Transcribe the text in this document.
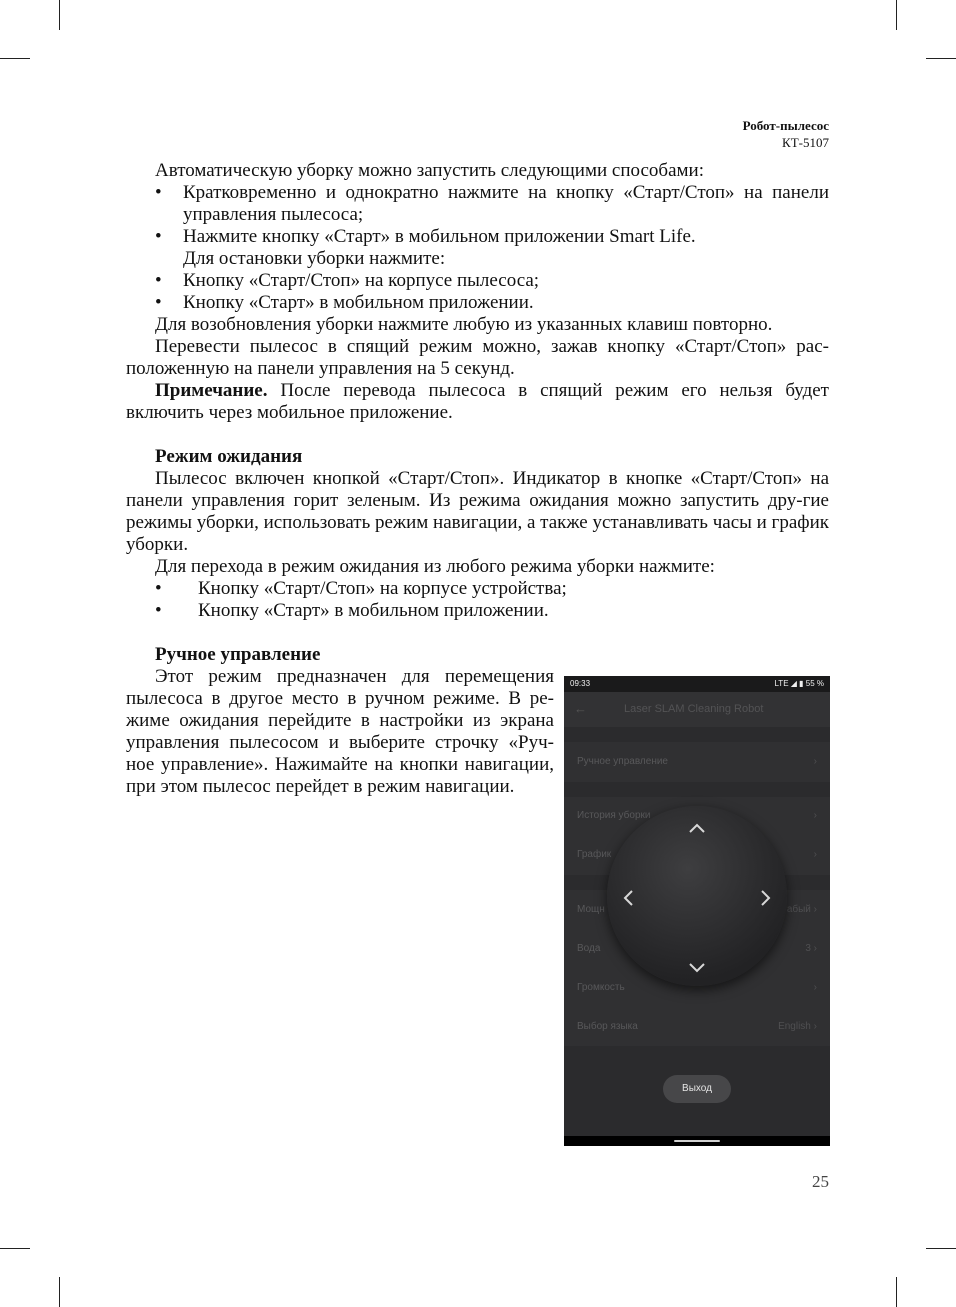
Робот-пылесос
КТ-5107

Автоматическую уборку можно запустить следующими способами:

• Кратковременно и однократно нажмите на кнопку «Старт/Стоп» на панели управления пылесоса;

• Нажмите кнопку «Старт» в мобильном приложении Smart Life.

Для остановки уборки нажмите:

• Кнопку «Старт/Стоп» на корпусе пылесоса;

• Кнопку «Старт» в мобильном приложении.

Для возобновления уборки нажмите любую из указанных клавиш повторно.

Перевести пылесос в спящий режим можно, зажав кнопку «Старт/Стоп» рас-положенную на панели управления на 5 секунд.

Примечание. После перевода пылесоса в спящий режим его нельзя будет включить через мобильное приложение.

Режим ожидания

Пылесос включен кнопкой «Старт/Стоп». Индикатор в кнопке «Старт/Стоп» на панели управления горит зеленым. Из режима ожидания можно запустить дру-гие режимы уборки, использовать режим навигации, а также устанавливать часы и график уборки.

Для перехода в режим ожидания из любого режима уборки нажмите:

• Кнопку «Старт/Стоп» на корпусе устройства;

• Кнопку «Старт» в мобильном приложении.

Ручное управление

Этот режим предназначен для перемещения пылесоса в другое место в ручном режиме. В ре-жиме ожидания перейдите в настройки из экрана управления пылесосом и выберите строчку «Руч-ное управление». Нажимайте на кнопки навигации, при этом пылесос перейдет в режим навигации.

09:33	LTE ◢ ▮ 55 %
←	Laser SLAM Cleaning Robot
Ручное управление	›
История уборки	›
График	›
Мощн	абый ›
Вода	3 ›
Громкость	›
Выбор языка	English ›
Выход
25
